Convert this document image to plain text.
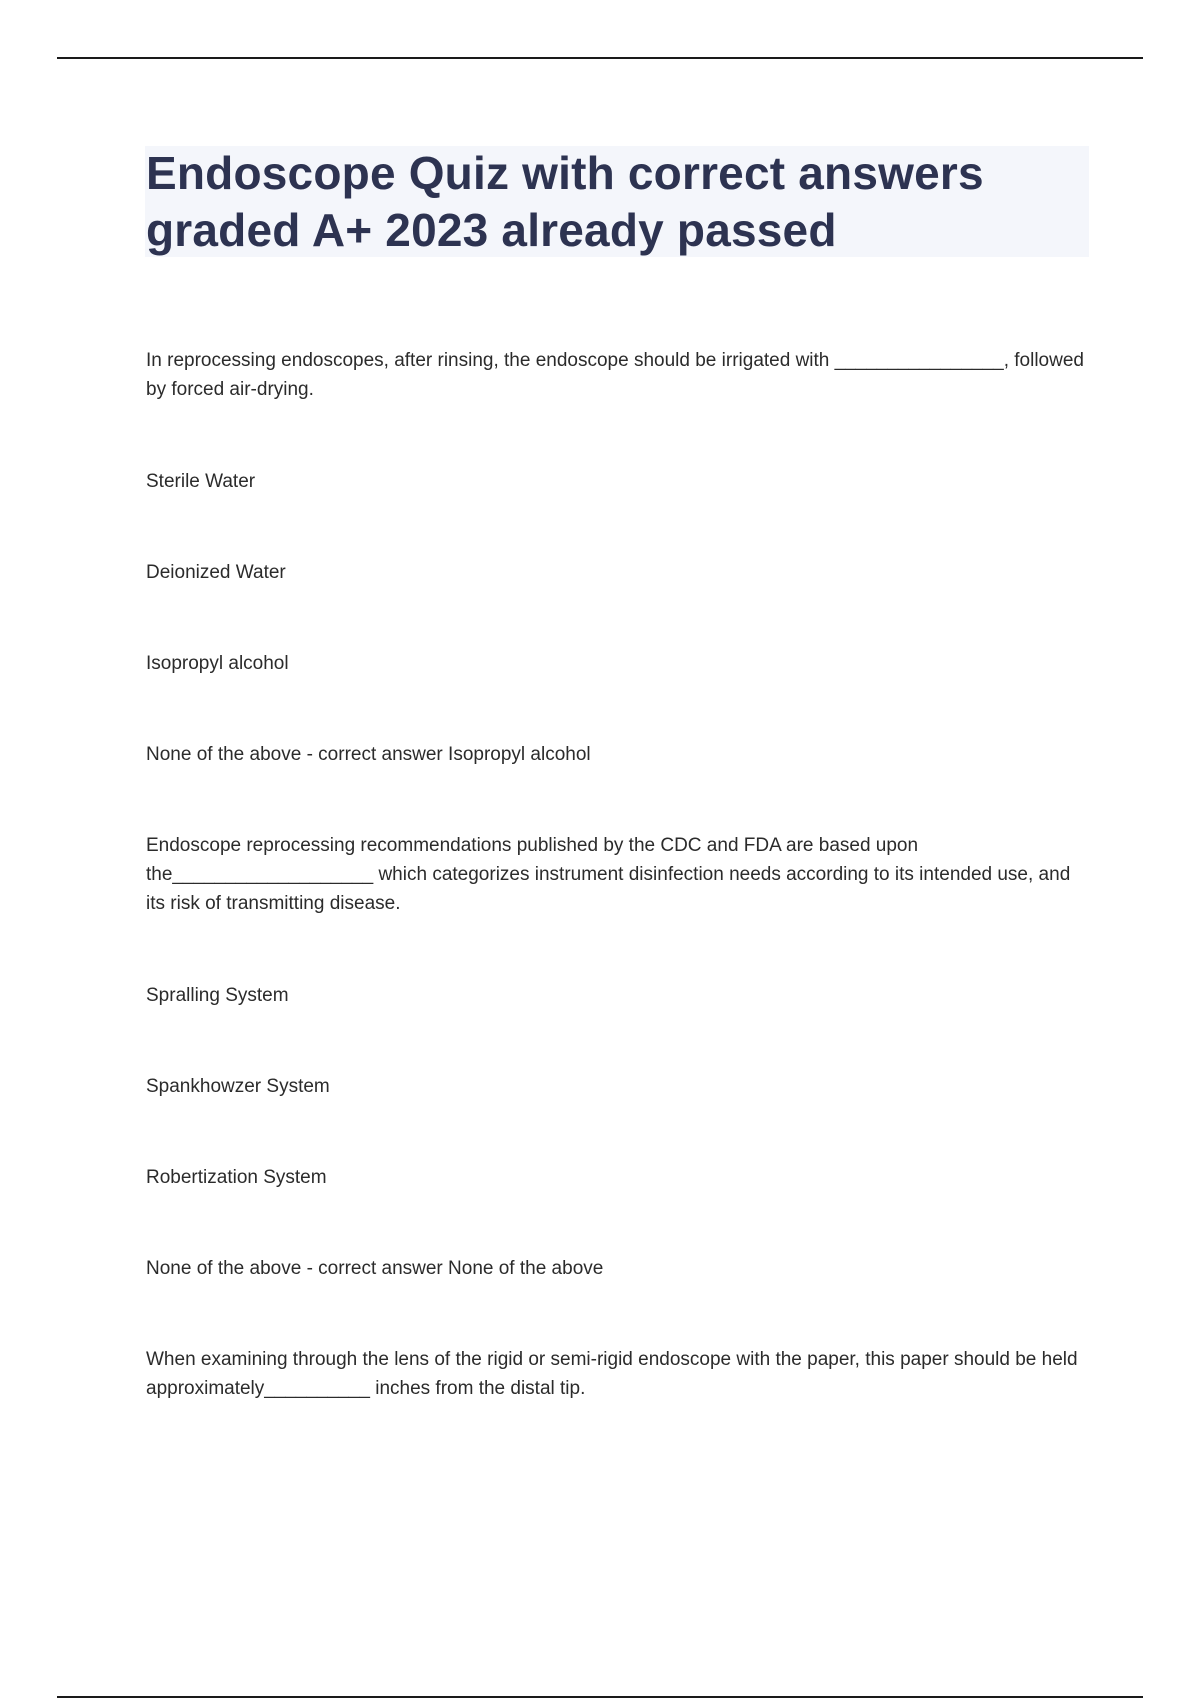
Endoscope Quiz with correct answers graded A+ 2023 already passed

In reprocessing endoscopes, after rinsing, the endoscope should be irrigated with ________________, followed by forced air-drying.

Sterile Water

Deionized Water

Isopropyl alcohol

None of the above - correct answer Isopropyl alcohol

Endoscope reprocessing recommendations published by the CDC and FDA are based upon the___________________ which categorizes instrument disinfection needs according to its intended use, and its risk of transmitting disease.

Spralling System

Spankhowzer System

Robertization System

None of the above - correct answer None of the above

When examining through the lens of the rigid or semi-rigid endoscope with the paper, this paper should be held approximately__________ inches from the distal tip.
